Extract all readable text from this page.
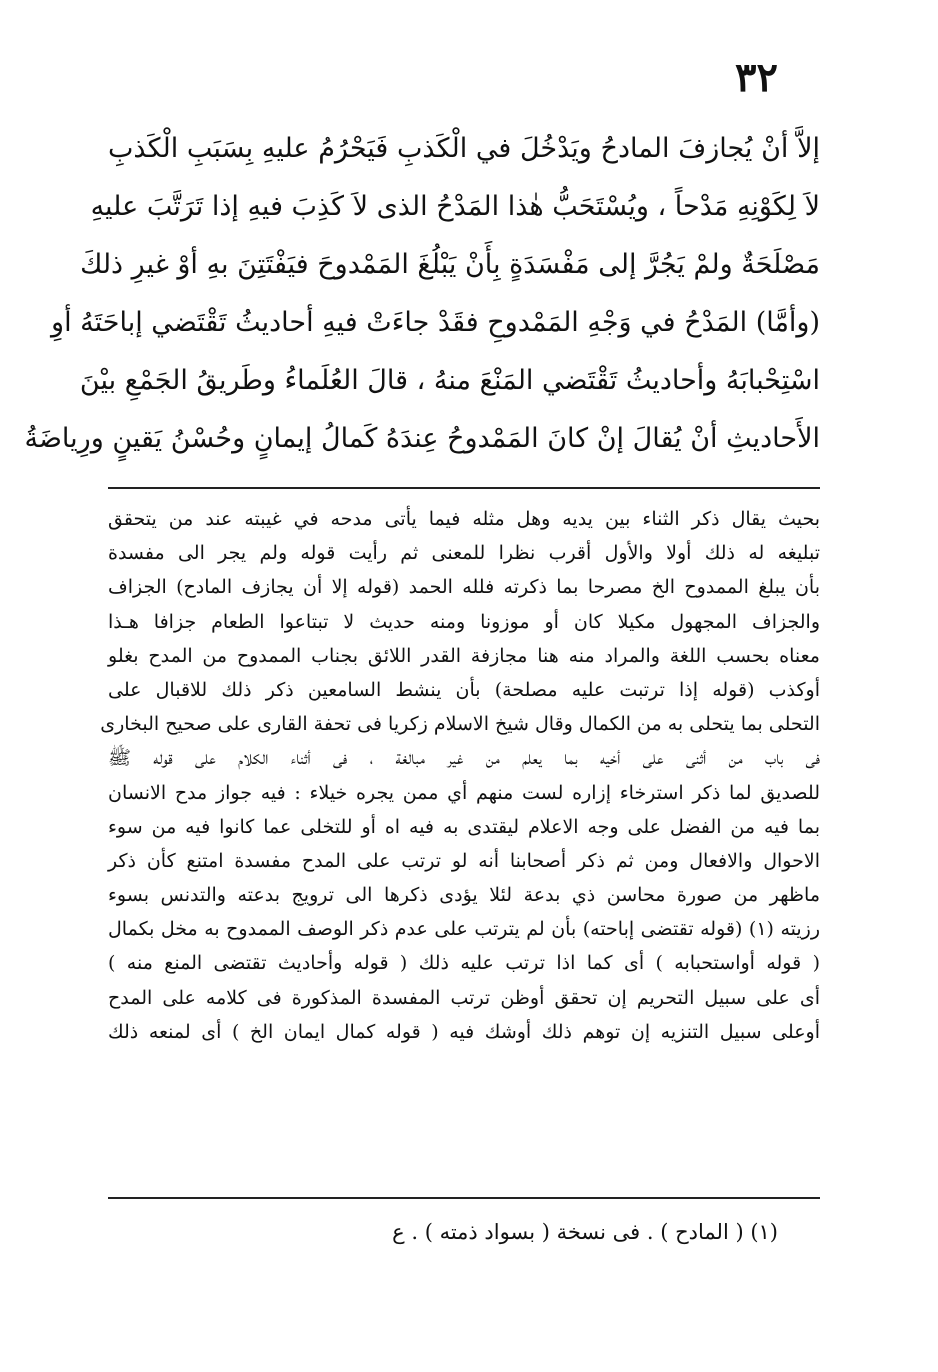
٣٢
إلاَّ أنْ يُجازفَ المادحُ ويَدْخُلَ في الْكَذبِ فَيَحْرُمُ عليهِ بِسَبَبِ الْكَذبِ
لاَ لِكَوْنِهِ مَدْحاً ، ويُسْتَحَبُّ هٰذا المَدْحُ الذى لاَ كَذِبَ فيهِ إذا تَرَتَّبَ عليهِ
مَصْلَحَةٌ ولمْ يَجُرَّ إلى مَفْسَدَةٍ بِأَنْ يَبْلُغَ المَمْدوحَ فيَفْتَتِنَ بهِ أوْ غيرِ ذلكَ
(وأمَّا) المَدْحُ في وَجْهِ المَمْدوحِ فقَدْ جاءَتْ فيهِ أحاديثُ تَقْتَضي إباحَتَهُ أوِ
اسْتِحْبابَهُ وأحاديثُ تَقْتَضي المَنْعَ منهُ ، قالَ العُلَماءُ وطَريقُ الجَمْعِ بيْنَ
الأَحاديثِ أنْ يُقالَ إنْ كانَ المَمْدوحُ عِندَهُ كَمالُ إيمانٍ وحُسْنُ يَقينٍ ورِياضَةُ
بحيث يقال ذكر الثناء بين يديه وهل مثله فيما يأتى مدحه في غيبته عند من يتحقق
تبليغه له ذلك أولا والأول أقرب نظرا للمعنى ثم رأيت قوله ولم يجر الى مفسدة
بأن يبلغ الممدوح الخ مصرحا بما ذكرته فلله الحمد (قوله إلا أن يجازف المادح) الجزاف
والجزاف المجهول مكيلا كان أو موزونا ومنه حديث لا تبتاعوا الطعام جزافا هـذا
معناه بحسب اللغة والمراد منه هنا مجازفة القدر اللائق بجناب الممدوح من المدح بغلو
أوكذب (قوله إذا ترتبت عليه مصلحة) بأن ينشط السامعين ذكر ذلك للاقبال على
التحلى بما يتحلى به من الكمال وقال شيخ الاسلام زكريا فى تحفة القارى على صحيح البخارى
فى باب من أثنى على أخيه بما يعلم من غير مبالغة ، فى أثناء الكلام على قوله ﷺ
للصديق لما ذكر استرخاء إزاره لست منهم أي ممن يجره خيلاء : فيه جواز مدح الانسان
بما فيه من الفضل على وجه الاعلام ليقتدى به فيه اه أو للتخلى عما كانوا فيه من سوء
الاحوال والافعال ومن ثم ذكر أصحابنا أنه لو ترتب على المدح مفسدة امتنع كأن ذكر
ماظهر من صورة محاسن ذي بدعة لئلا يؤدى ذكرها الى ترويج بدعته والتدنس بسوء
رزيته (١) (قوله تقتضى إباحته) بأن لم يترتب على عدم ذكر الوصف الممدوح به مخل بكمال
( قوله أواستحبابه ) أى كما اذا ترتب عليه ذلك ( قوله وأحاديث تقتضى المنع منه )
أى على سبيل التحريم إن تحقق أوظن ترتب المفسدة المذكورة فى كلامه على المدح
أوعلى سبيل التنزيه إن توهم ذلك أوشك فيه ( قوله كمال ايمان الخ ) أى لمنعه ذلك
(١) ( المادح ) . فى نسخة ( بسواد ذمته ) . ع
